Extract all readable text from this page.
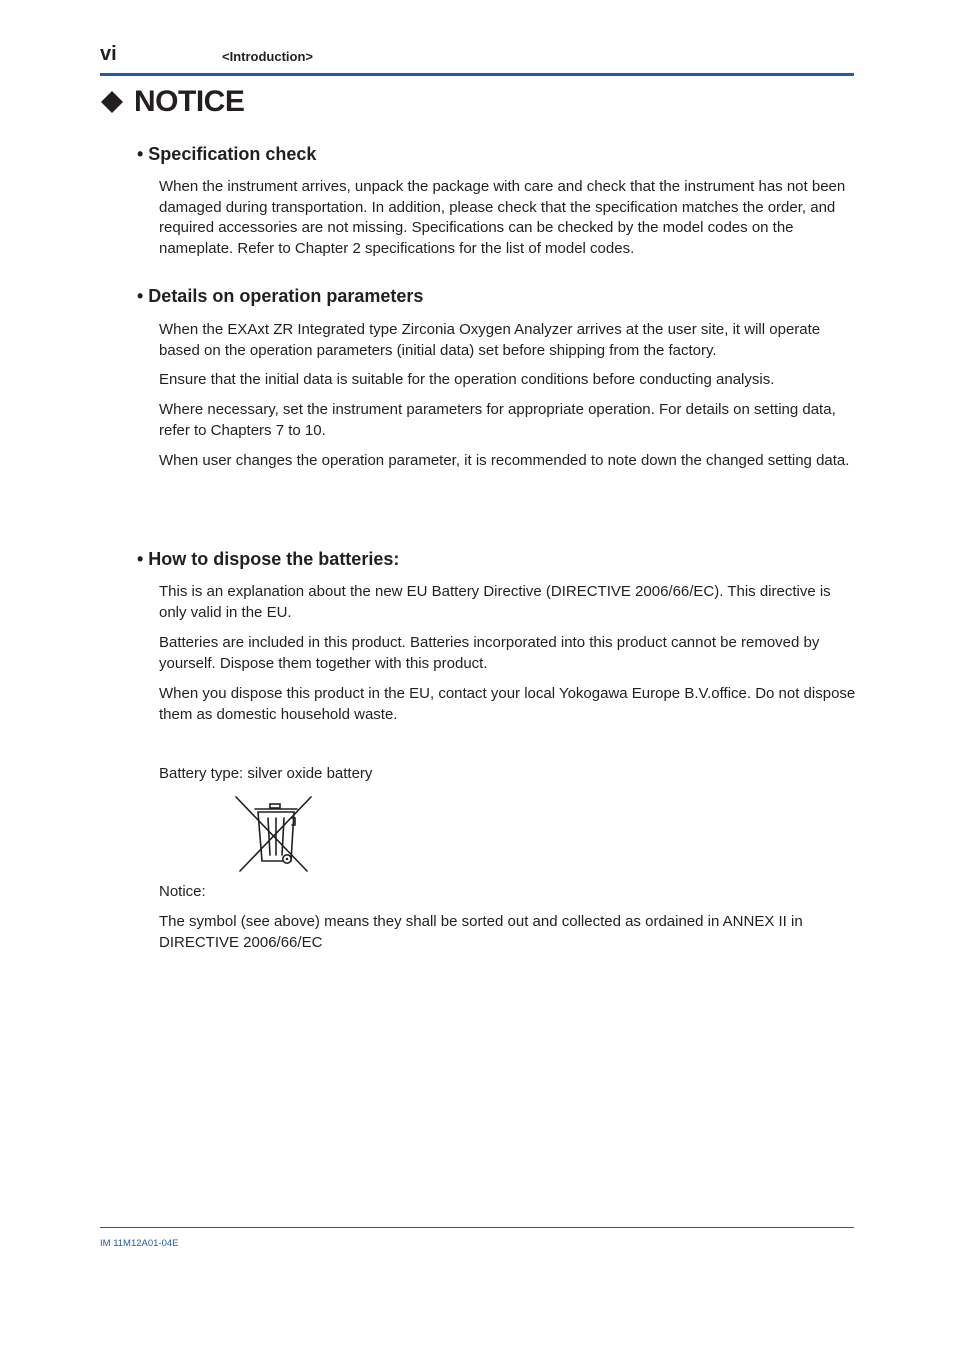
vi	<Introduction>
NOTICE
• Specification check
When the instrument arrives, unpack the package with care and check that the instrument has not been damaged during transportation. In addition, please check that the specification matches the order, and required accessories are not missing. Specifications can be checked by the model codes on the nameplate. Refer to Chapter 2 specifications for the list of model codes.
• Details on operation parameters
When the EXAxt ZR Integrated type Zirconia Oxygen Analyzer arrives at the user site, it will operate based on the operation parameters (initial data) set before shipping from the factory.
Ensure that the initial data is suitable for the operation conditions before conducting analysis.
Where necessary, set the instrument parameters for appropriate operation. For details on setting data, refer to Chapters 7 to 10.
When user changes the operation parameter, it is recommended to note down the changed setting data.
• How to dispose the batteries:
This is an explanation about the new EU Battery Directive (DIRECTIVE 2006/66/EC). This directive is only valid in the EU.
Batteries are included in this product. Batteries incorporated into this product cannot be removed by yourself. Dispose them together with this product.
When you dispose this product in the EU, contact your local Yokogawa Europe B.V.office. Do not dispose them as domestic household waste.
Battery type: silver oxide battery
Notice:
The symbol (see above) means they shall be sorted out and collected as ordained in ANNEX II in DIRECTIVE 2006/66/EC
IM 11M12A01-04E
